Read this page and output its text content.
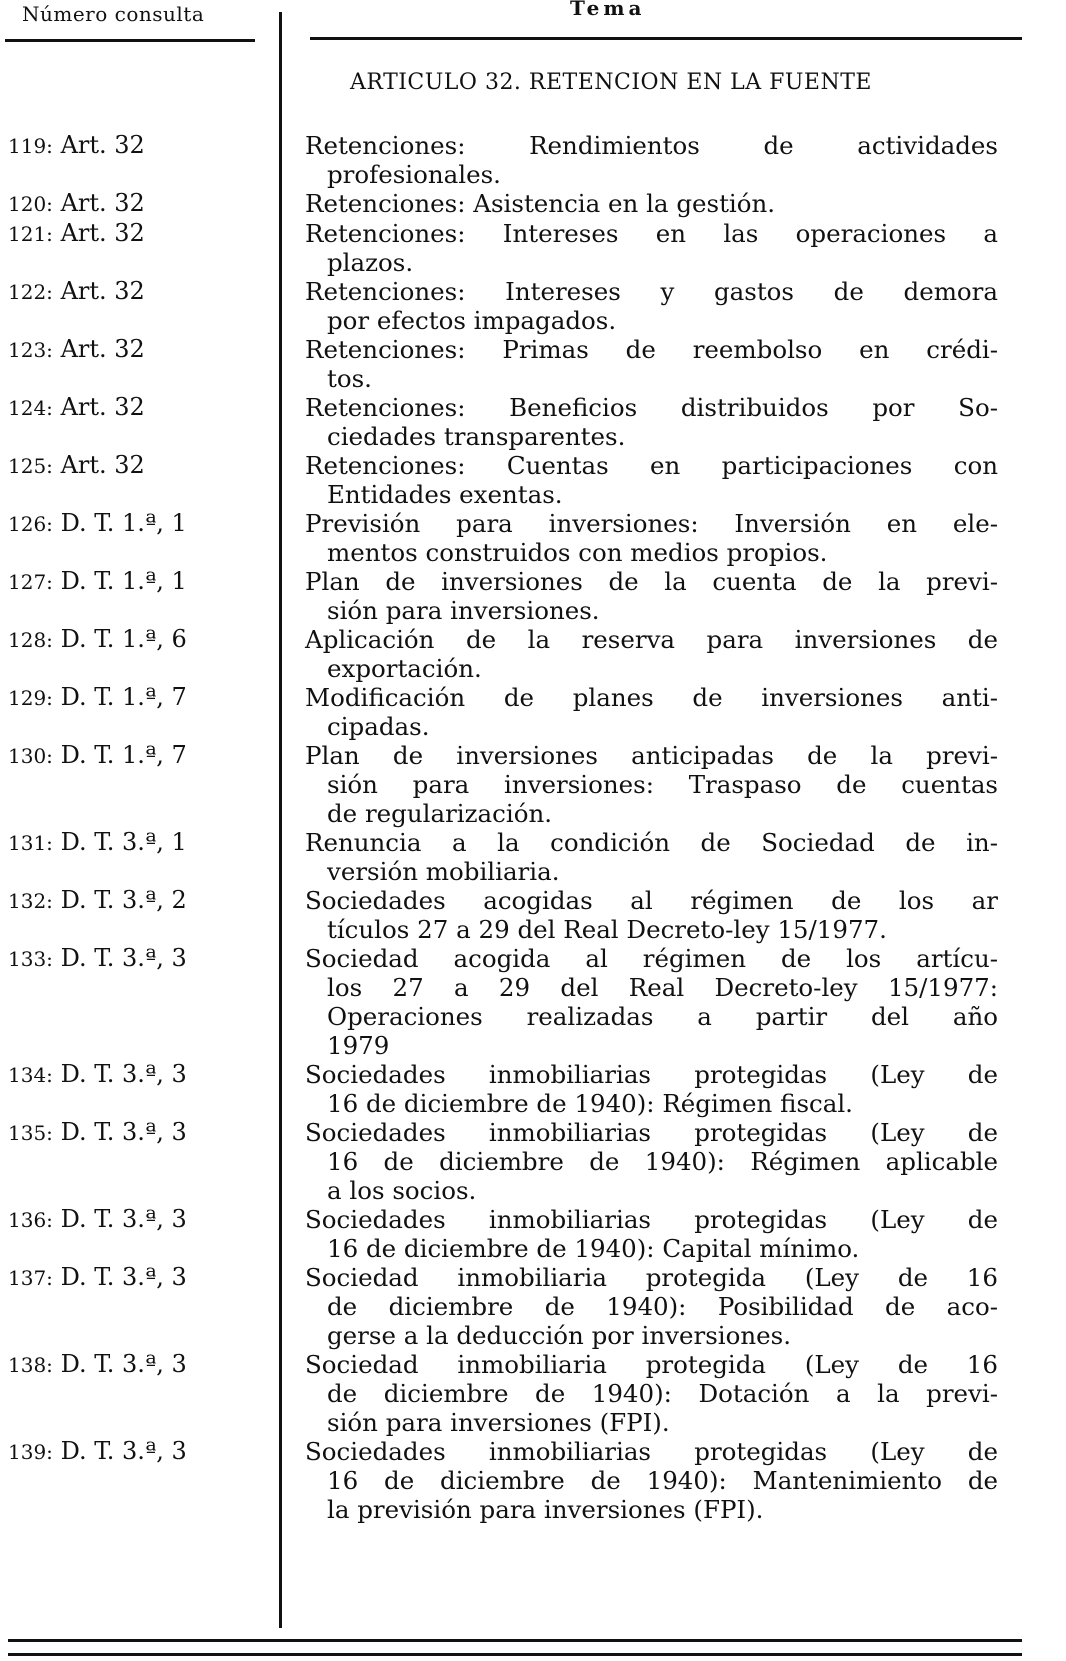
Número consulta	Tema
ARTICULO 32. RETENCION EN LA FUENTE
119: Art. 32	Retenciones: Rendimientos de actividades
profesionales.
120: Art. 32	Retenciones: Asistencia en la gestión.
121: Art. 32	Retenciones: Intereses en las operaciones a
plazos.
122: Art. 32	Retenciones: Intereses y gastos de demora
por efectos impagados.
123: Art. 32	Retenciones: Primas de reembolso en crédi-
tos.
124: Art. 32	Retenciones: Beneficios distribuidos por So-
ciedades transparentes.
125: Art. 32	Retenciones: Cuentas en participaciones con
Entidades exentas.
126: D. T. 1.ª, 1	Previsión para inversiones: Inversión en ele-
mentos construidos con medios propios.
127: D. T. 1.ª, 1	Plan de inversiones de la cuenta de la previ-
sión para inversiones.
128: D. T. 1.ª, 6	Aplicación de la reserva para inversiones de
exportación.
129: D. T. 1.ª, 7	Modificación de planes de inversiones anti-
cipadas.
130: D. T. 1.ª, 7	Plan de inversiones anticipadas de la previ-
sión para inversiones: Traspaso de cuentas
de regularización.
131: D. T. 3.ª, 1	Renuncia a la condición de Sociedad de in-
versión mobiliaria.
132: D. T. 3.ª, 2	Sociedades acogidas al régimen de los ar
tículos 27 a 29 del Real Decreto-ley 15/1977.
133: D. T. 3.ª, 3	Sociedad acogida al régimen de los artícu-
los 27 a 29 del Real Decreto-ley 15/1977:
Operaciones realizadas a partir del año
1979
134: D. T. 3.ª, 3	Sociedades inmobiliarias protegidas (Ley de
16 de diciembre de 1940): Régimen fiscal.
135: D. T. 3.ª, 3	Sociedades inmobiliarias protegidas (Ley de
16 de diciembre de 1940): Régimen aplicable
a los socios.
136: D. T. 3.ª, 3	Sociedades inmobiliarias protegidas (Ley de
16 de diciembre de 1940): Capital mínimo.
137: D. T. 3.ª, 3	Sociedad inmobiliaria protegida (Ley de 16
de diciembre de 1940): Posibilidad de aco-
gerse a la deducción por inversiones.
138: D. T. 3.ª, 3	Sociedad inmobiliaria protegida (Ley de 16
de diciembre de 1940): Dotación a la previ-
sión para inversiones (FPI).
139: D. T. 3.ª, 3	Sociedades inmobiliarias protegidas (Ley de
16 de diciembre de 1940): Mantenimiento de
la previsión para inversiones (FPI).
